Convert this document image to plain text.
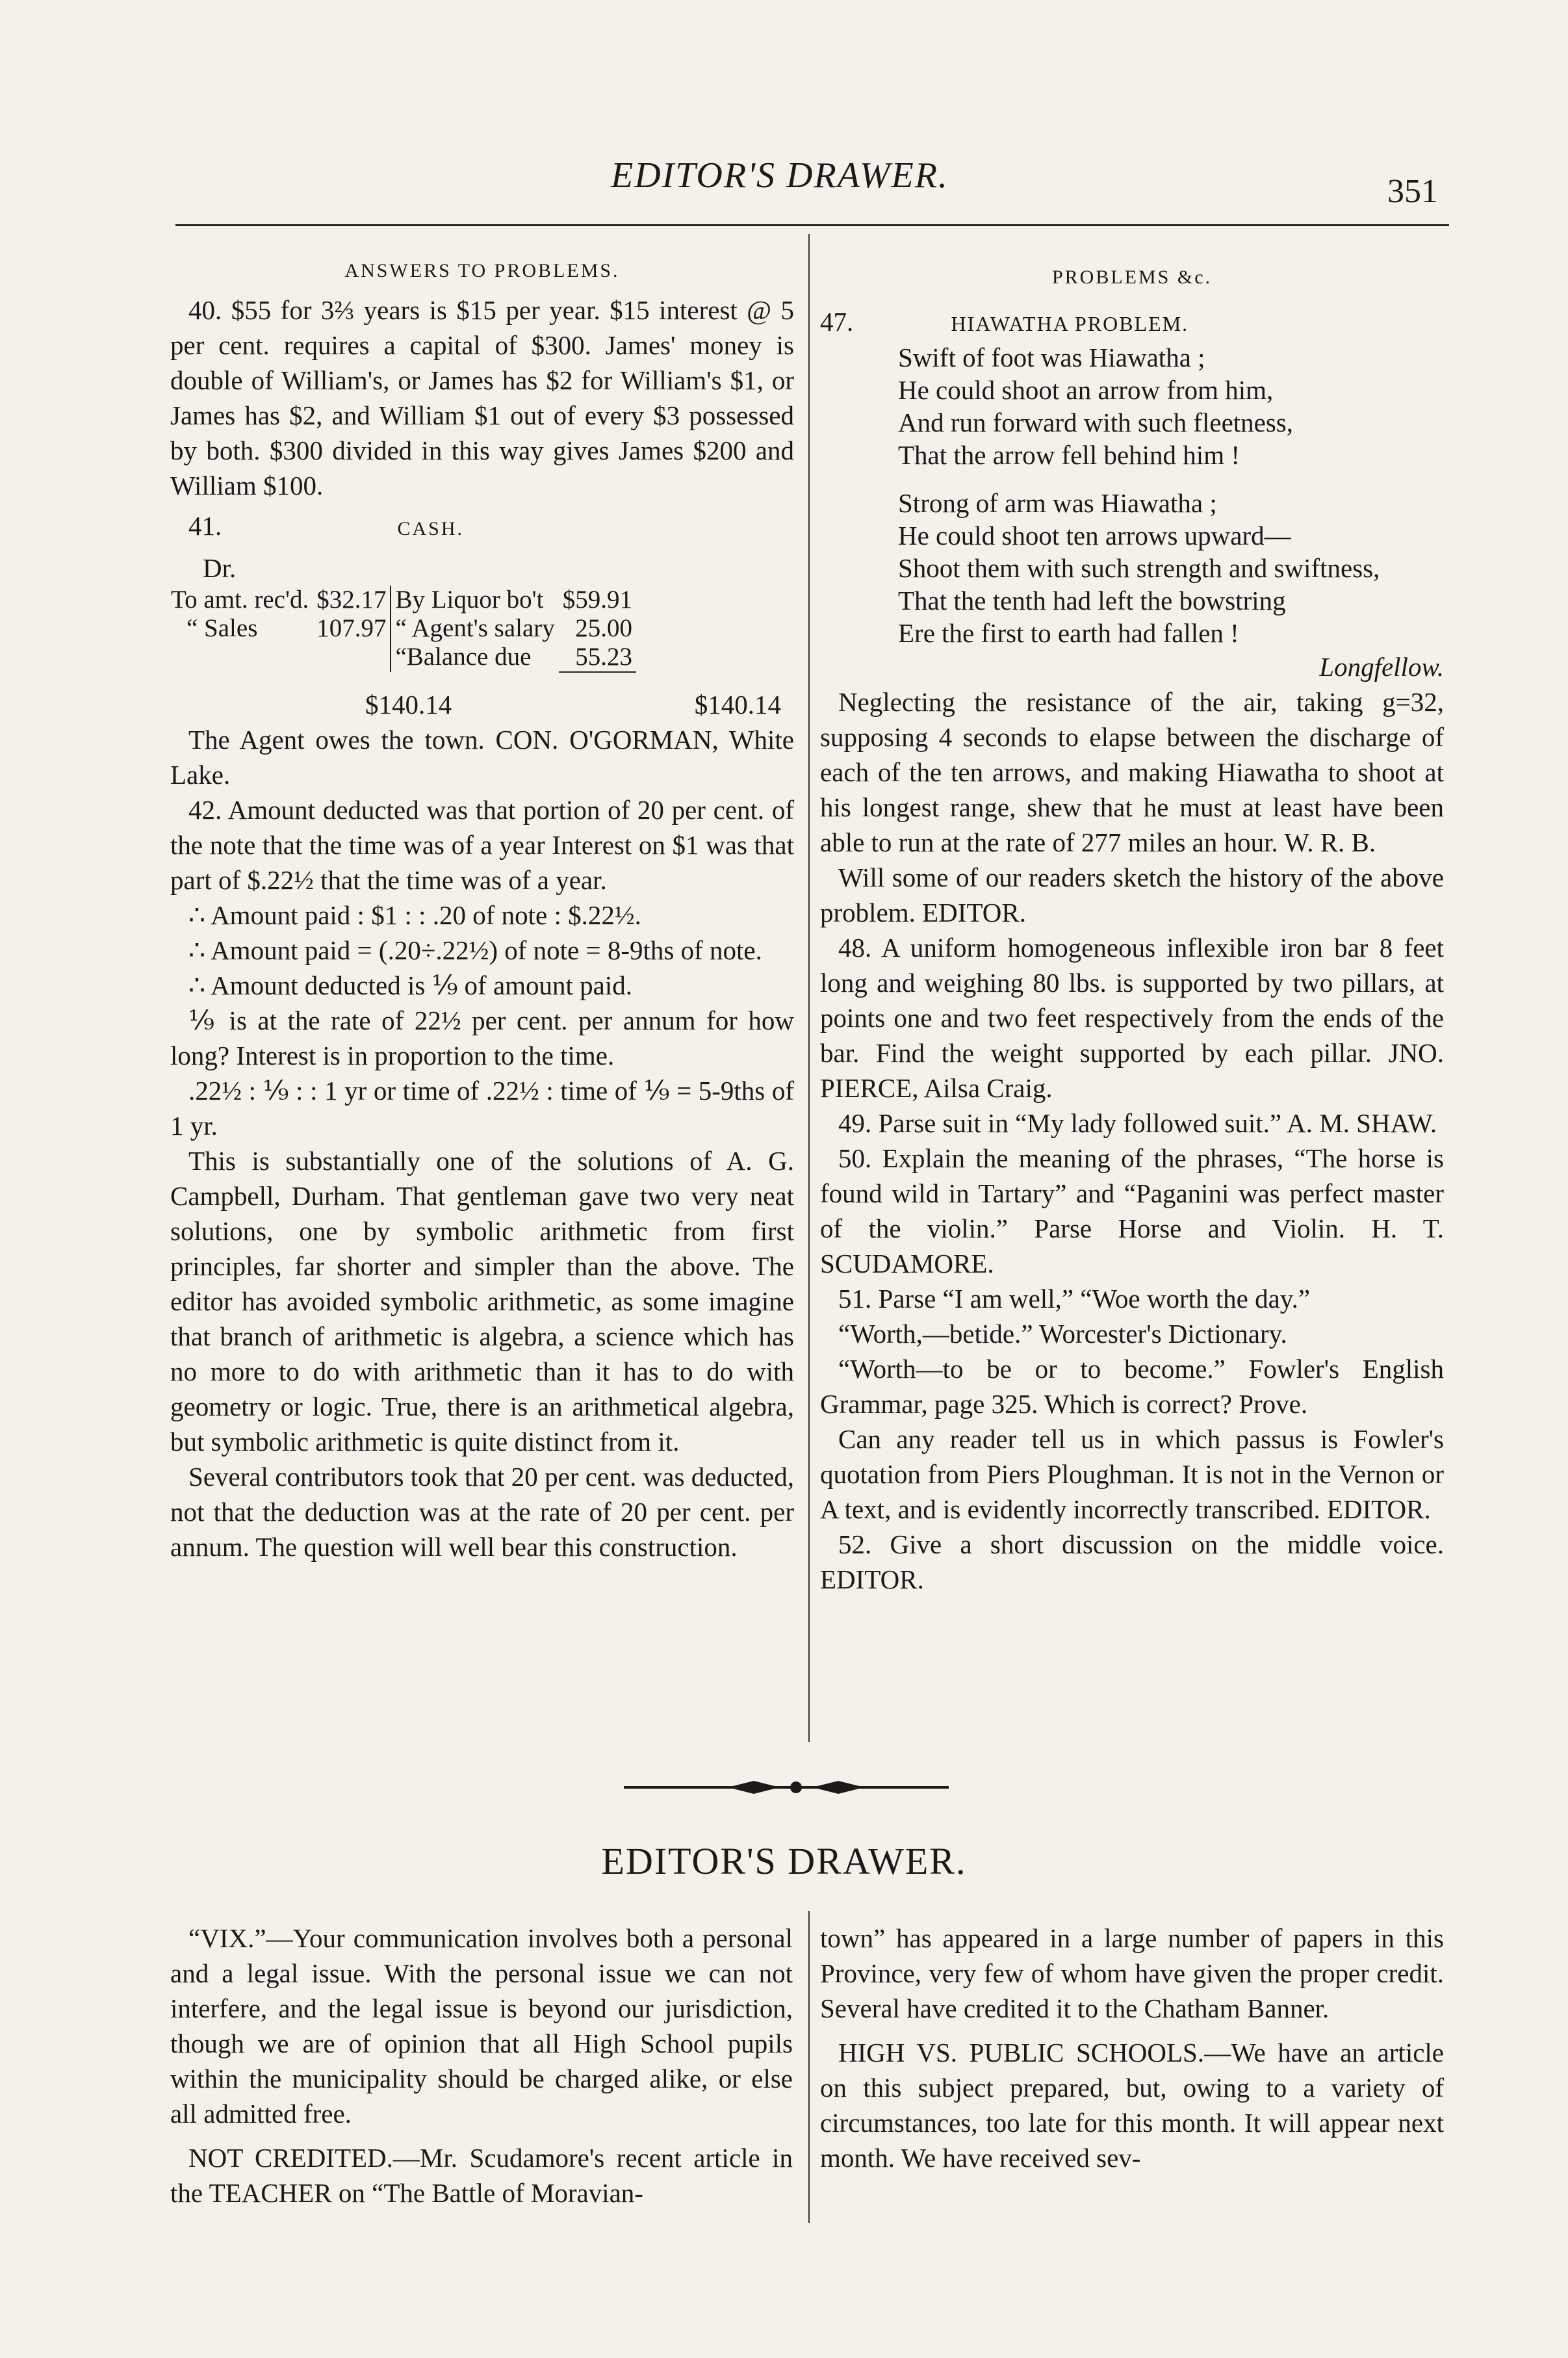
EDITOR'S DRAWER.	351

ANSWERS TO PROBLEMS.

40. $55 for 3⅔ years is $15 per year. $15 interest @ 5 per cent. requires a capital of $300. James' money is double of William's, or James has $2 for William's $1, or James has $2, and William $1 out of every $3 possessed by both. $300 divided in this way gives James $200 and William $100.

41.	CASH.

Dr.
To amt. rec'd.	$32.17	By Liquor bo't	$59.91
“ Sales	107.97	“ Agent's salary	25.00
		“Balance due	55.23
$140.14	$140.14

The Agent owes the town. CON. O'GORMAN, White Lake.

42. Amount deducted was that portion of 20 per cent. of the note that the time was of a year Interest on $1 was that part of $.22½ that the time was of a year.

∴ Amount paid : $1 : : .20 of note : $.22½.

∴ Amount paid = (.20÷.22½) of note = 8-9ths of note.

∴ Amount deducted is ⅑ of amount paid.

⅑ is at the rate of 22½ per cent. per annum for how long? Interest is in proportion to the time.

.22½ : ⅑ : : 1 yr or time of .22½ : time of ⅑ = 5-9ths of 1 yr.

This is substantially one of the solutions of A. G. Campbell, Durham. That gentleman gave two very neat solutions, one by symbolic arithmetic from first principles, far shorter and simpler than the above. The editor has avoided symbolic arithmetic, as some imagine that branch of arithmetic is algebra, a science which has no more to do with arithmetic than it has to do with geometry or logic. True, there is an arithmetical algebra, but symbolic arithmetic is quite distinct from it.

Several contributors took that 20 per cent. was deducted, not that the deduction was at the rate of 20 per cent. per annum. The question will well bear this construction.

PROBLEMS &c.

47.	HIAWATHA PROBLEM.

Swift of foot was Hiawatha ;
He could shoot an arrow from him,
And run forward with such fleetness,
That the arrow fell behind him !
Strong of arm was Hiawatha ;
He could shoot ten arrows upward—
Shoot them with such strength and swiftness,
That the tenth had left the bowstring
Ere the first to earth had fallen !
Longfellow.

Neglecting the resistance of the air, taking g=32, supposing 4 seconds to elapse between the discharge of each of the ten arrows, and making Hiawatha to shoot at his longest range, shew that he must at least have been able to run at the rate of 277 miles an hour. W. R. B.

Will some of our readers sketch the history of the above problem. EDITOR.

48. A uniform homogeneous inflexible iron bar 8 feet long and weighing 80 lbs. is supported by two pillars, at points one and two feet respectively from the ends of the bar. Find the weight supported by each pillar. JNO. PIERCE, Ailsa Craig.

49. Parse suit in “My lady followed suit.” A. M. SHAW.

50. Explain the meaning of the phrases, “The horse is found wild in Tartary” and “Paganini was perfect master of the violin.” Parse Horse and Violin. H. T. SCUDAMORE.

51. Parse “I am well,” “Woe worth the day.”

“Worth,—betide.” Worcester's Dictionary.

“Worth—to be or to become.” Fowler's English Grammar, page 325. Which is correct? Prove.

Can any reader tell us in which passus is Fowler's quotation from Piers Ploughman. It is not in the Vernon or A text, and is evidently incorrectly transcribed. EDITOR.

52. Give a short discussion on the middle voice. EDITOR.

EDITOR'S DRAWER.

“VIX.”—Your communication involves both a personal and a legal issue. With the personal issue we can not interfere, and the legal issue is beyond our jurisdiction, though we are of opinion that all High School pupils within the municipality should be charged alike, or else all admitted free.

NOT CREDITED.—Mr. Scudamore's recent article in the TEACHER on “The Battle of Moravian-

town” has appeared in a large number of papers in this Province, very few of whom have given the proper credit. Several have credited it to the Chatham Banner.

HIGH VS. PUBLIC SCHOOLS.—We have an article on this subject prepared, but, owing to a variety of circumstances, too late for this month. It will appear next month. We have received sev-
